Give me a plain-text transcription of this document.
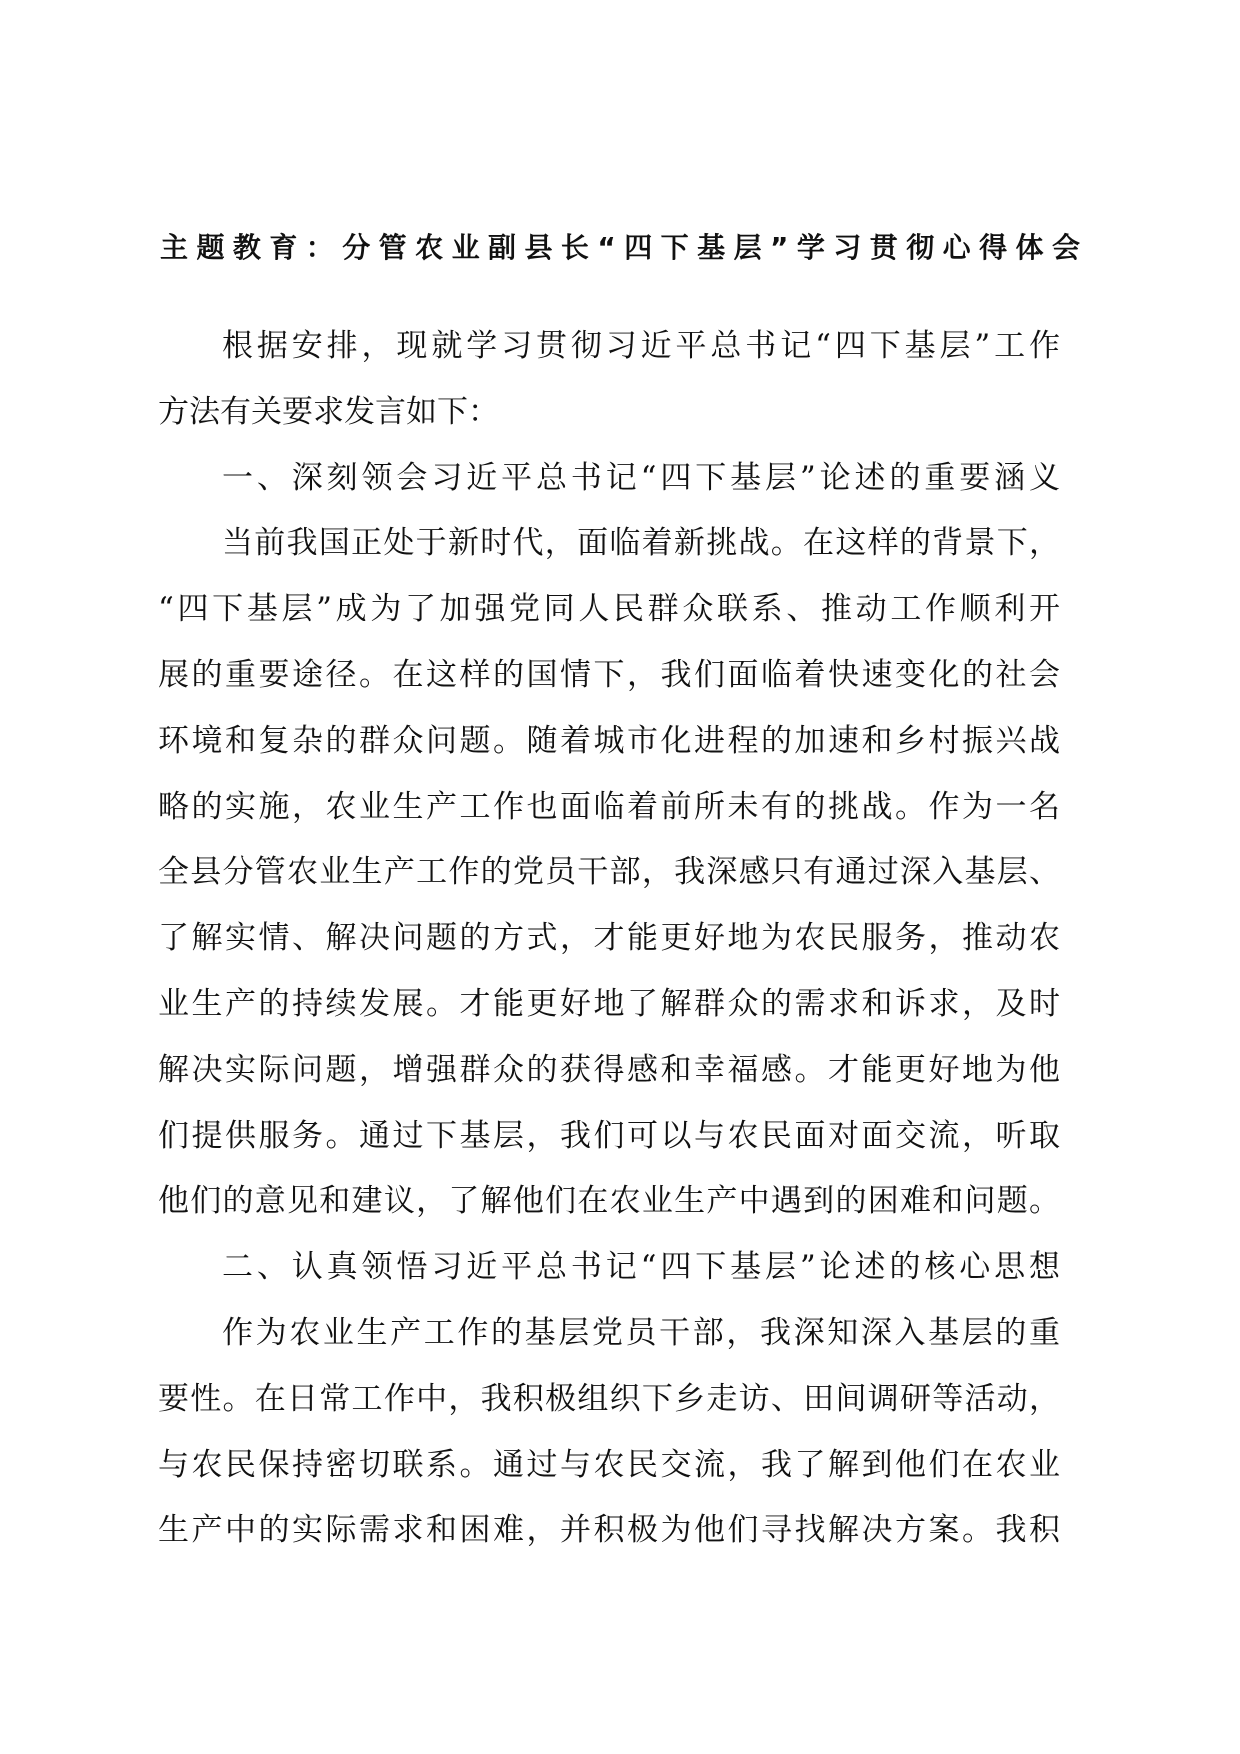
主题教育：分管农业副县长“四下基层”学习贯彻心得体会
根据安排，现就学习贯彻习近平总书记“四下基层”工作
方法有关要求发言如下：
一、深刻领会习近平总书记“四下基层”论述的重要涵义
当前我国正处于新时代，面临着新挑战。在这样的背景下，
“四下基层”成为了加强党同人民群众联系、推动工作顺利开
展的重要途径。在这样的国情下，我们面临着快速变化的社会
环境和复杂的群众问题。随着城市化进程的加速和乡村振兴战
略的实施，农业生产工作也面临着前所未有的挑战。作为一名
全县分管农业生产工作的党员干部，我深感只有通过深入基层、
了解实情、解决问题的方式，才能更好地为农民服务，推动农
业生产的持续发展。才能更好地了解群众的需求和诉求，及时
解决实际问题，增强群众的获得感和幸福感。才能更好地为他
们提供服务。通过下基层，我们可以与农民面对面交流，听取
他们的意见和建议，了解他们在农业生产中遇到的困难和问题。
二、认真领悟习近平总书记“四下基层”论述的核心思想
作为农业生产工作的基层党员干部，我深知深入基层的重
要性。在日常工作中，我积极组织下乡走访、田间调研等活动，
与农民保持密切联系。通过与农民交流，我了解到他们在农业
生产中的实际需求和困难，并积极为他们寻找解决方案。我积
